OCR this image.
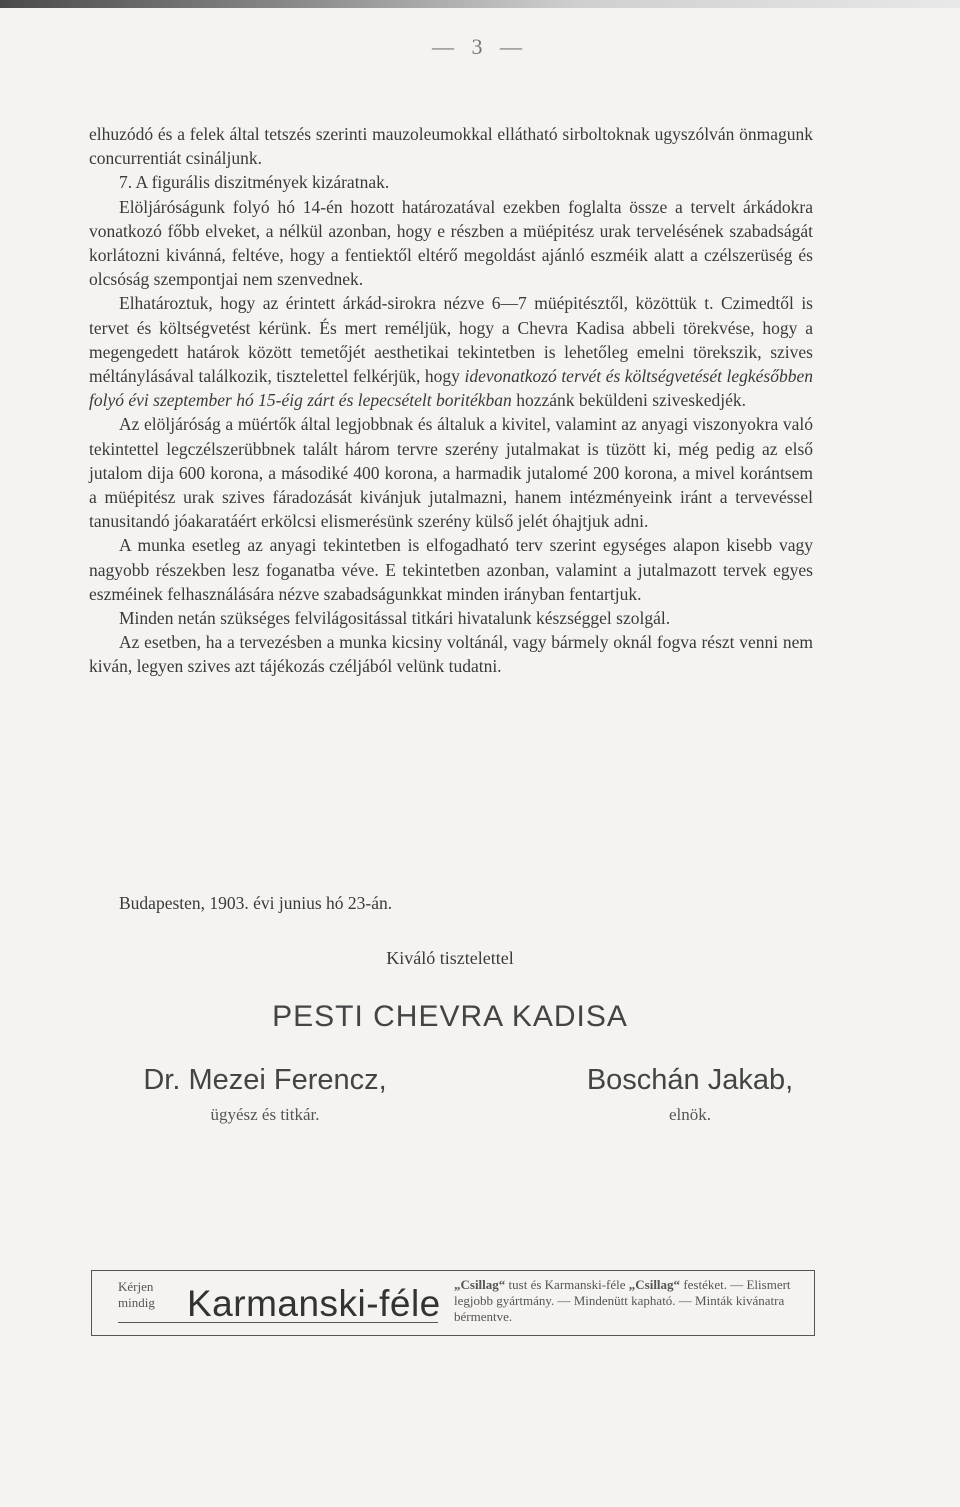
— 3 —

elhuzódó és a felek által tetszés szerinti mauzoleumokkal ellátható sirboltoknak ugyszólván önmagunk concurrentiát csináljunk.

7. A figurális diszitmények kizáratnak.

Elöljáróságunk folyó hó 14-én hozott határozatával ezekben foglalta össze a tervelt árkádokra vonatkozó főbb elveket, a nélkül azonban, hogy e részben a müépitész urak tervelésének szabadságát korlátozni kivánná, feltéve, hogy a fentiektől eltérő megoldást ajánló eszméik alatt a czélszerüség és olcsóság szempontjai nem szenvednek.

Elhatároztuk, hogy az érintett árkád-sirokra nézve 6—7 müépitésztől, közöttük t. Czimedtől is tervet és költségvetést kérünk. És mert reméljük, hogy a Chevra Kadisa abbeli törekvése, hogy a megengedett határok között temetőjét aesthetikai tekintetben is lehetőleg emelni törekszik, szives méltánylásával találkozik, tisztelettel felkérjük, hogy idevonatkozó tervét és költségvetését legkésőbben folyó évi szeptember hó 15-éig zárt és lepecsételt boritékban hozzánk beküldeni sziveskedjék.

Az elöljáróság a müértők által legjobbnak és általuk a kivitel, valamint az anyagi viszonyokra való tekintettel legczélszerübbnek talált három tervre szerény jutalmakat is tüzött ki, még pedig az első jutalom dija 600 korona, a másodiké 400 korona, a harmadik jutalomé 200 korona, a mivel korántsem a müépitész urak szives fáradozását kivánjuk jutalmazni, hanem intézményeink iránt a tervevéssel tanusitandó jóakaratáért erkölcsi elismerésünk szerény külső jelét óhajtjuk adni.

A munka esetleg az anyagi tekintetben is elfogadható terv szerint egységes alapon kisebb vagy nagyobb részekben lesz foganatba véve. E tekintetben azonban, valamint a jutalmazott tervek egyes eszméinek felhasználására nézve szabadságunkkat minden irányban fentartjuk.

Minden netán szükséges felvilágositással titkári hivatalunk készséggel szolgál.

Az esetben, ha a tervezésben a munka kicsiny voltánál, vagy bármely oknál fogva részt venni nem kiván, legyen szives azt tájékozás czéljából velünk tudatni.

Budapesten, 1903. évi junius hó 23-án.
Kiváló tisztelettel
PESTI CHEVRA KADISA
Dr. Mezei Ferencz,
ügyész és titkár.
Boschán Jakab,
elnök.
Kérjen
mindig Karmanski-féle „Csillag“ tust és Karmanski-féle „Csillag“ festéket. — Elismert legjobb gyártmány. — Mindenütt kapható. — Minták kivánatra bérmentve.
